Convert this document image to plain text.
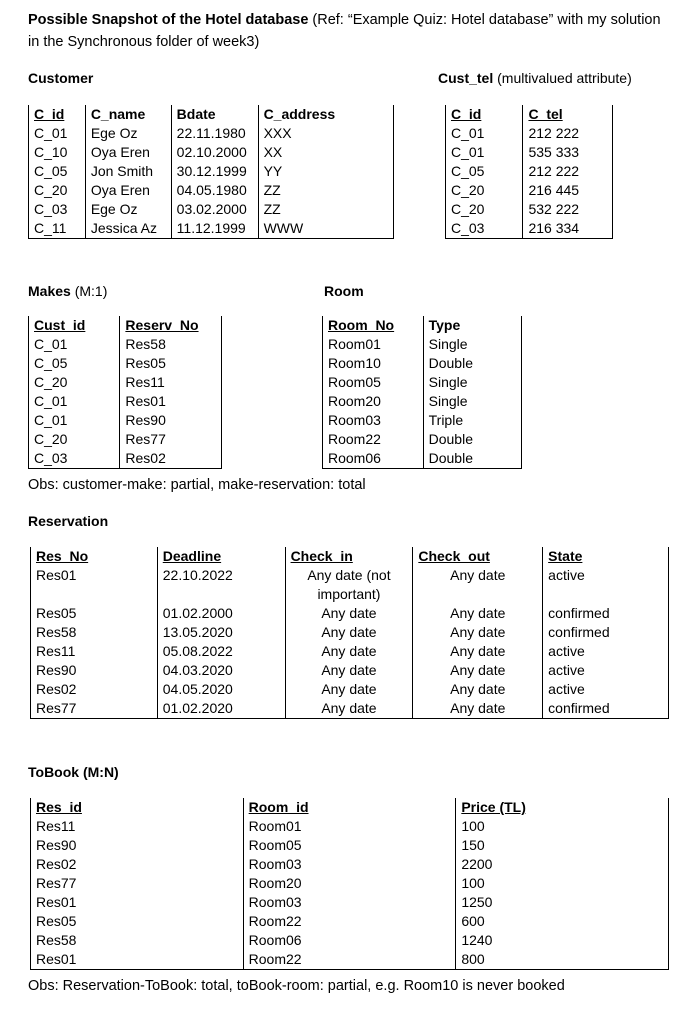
Possible Snapshot of the Hotel database (Ref: “Example Quiz: Hotel database” with my solution in the Synchronous folder of week3)
Customer
C_id	C_name	Bdate	C_address
C_01	Ege Oz	22.11.1980	XXX
C_10	Oya Eren	02.10.2000	XX
C_05	Jon Smith	30.12.1999	YY
C_20	Oya Eren	04.05.1980	ZZ
C_03	Ege Oz	03.02.2000	ZZ
C_11	Jessica Az	11.12.1999	WWW
Cust_tel (multivalued attribute)
C_id	C_tel
C_01	212 222
C_01	535 333
C_05	212 222
C_20	216 445
C_20	532 222
C_03	216 334
Makes (M:1)
Cust_id	Reserv_No
C_01	Res58
C_05	Res05
C_20	Res11
C_01	Res01
C_01	Res90
C_20	Res77
C_03	Res02
Obs: customer-make: partial, make-reservation: total
Room
Room_No	Type
Room01	Single
Room10	Double
Room05	Single
Room20	Single
Room03	Triple
Room22	Double
Room06	Double
Reservation
Res_No	Deadline	Check_in	Check_out	State
Res01	22.10.2022	Any date (not important)	Any date	active
Res05	01.02.2000	Any date	Any date	confirmed
Res58	13.05.2020	Any date	Any date	confirmed
Res11	05.08.2022	Any date	Any date	active
Res90	04.03.2020	Any date	Any date	active
Res02	04.05.2020	Any date	Any date	active
Res77	01.02.2020	Any date	Any date	confirmed
ToBook (M:N)
Res_id	Room_id	Price (TL)
Res11	Room01	100
Res90	Room05	150
Res02	Room03	2200
Res77	Room20	100
Res01	Room03	1250
Res05	Room22	600
Res58	Room06	1240
Res01	Room22	800
Obs: Reservation-ToBook: total, toBook-room: partial, e.g. Room10 is never booked
